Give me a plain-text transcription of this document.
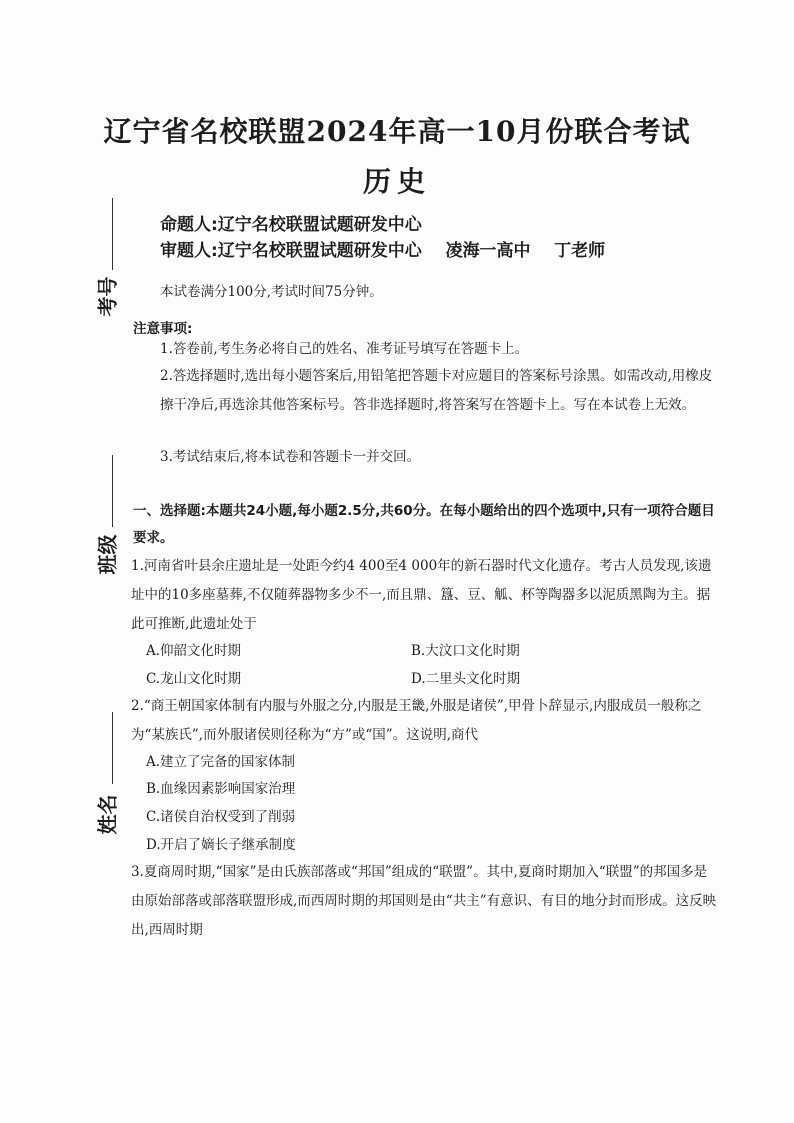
考号
班级
姓名
辽宁省名校联盟2024年高一10月份联合考试
历史
命题人:辽宁名校联盟试题研发中心
审题人:辽宁名校联盟试题研发中心    凌海一高中    丁老师
本试卷满分100分,考试时间75分钟。
注意事项:
1.答卷前,考生务必将自己的姓名、准考证号填写在答题卡上。
2.答选择题时,选出每小题答案后,用铅笔把答题卡对应题目的答案标号涂黑。如需改动,用橡皮擦干净后,再选涂其他答案标号。答非选择题时,将答案写在答题卡上。写在本试卷上无效。
3.考试结束后,将本试卷和答题卡一并交回。
一、选择题:本题共24小题,每小题2.5分,共60分。在每小题给出的四个选项中,只有一项符合题目要求。
1.河南省叶县余庄遗址是一处距今约4 400至4 000年的新石器时代文化遗存。考古人员发现,该遗址中的10多座墓葬,不仅随葬器物多少不一,而且鼎、簋、豆、觚、杯等陶器多以泥质黑陶为主。据此可推断,此遗址处于
A.仰韶文化时期	B.大汶口文化时期
C.龙山文化时期	D.二里头文化时期
2.“商王朝国家体制有内服与外服之分,内服是王畿,外服是诸侯”,甲骨卜辞显示,内服成员一般称之为“某族氏”,而外服诸侯则径称为“方”或“国”。这说明,商代
A.建立了完备的国家体制
B.血缘因素影响国家治理
C.诸侯自治权受到了削弱
D.开启了嫡长子继承制度
3.夏商周时期,“国家”是由氏族部落或“邦国”组成的“联盟”。其中,夏商时期加入“联盟”的邦国多是由原始部落或部落联盟形成,而西周时期的邦国则是由“共主”有意识、有目的地分封而形成。这反映出,西周时期
